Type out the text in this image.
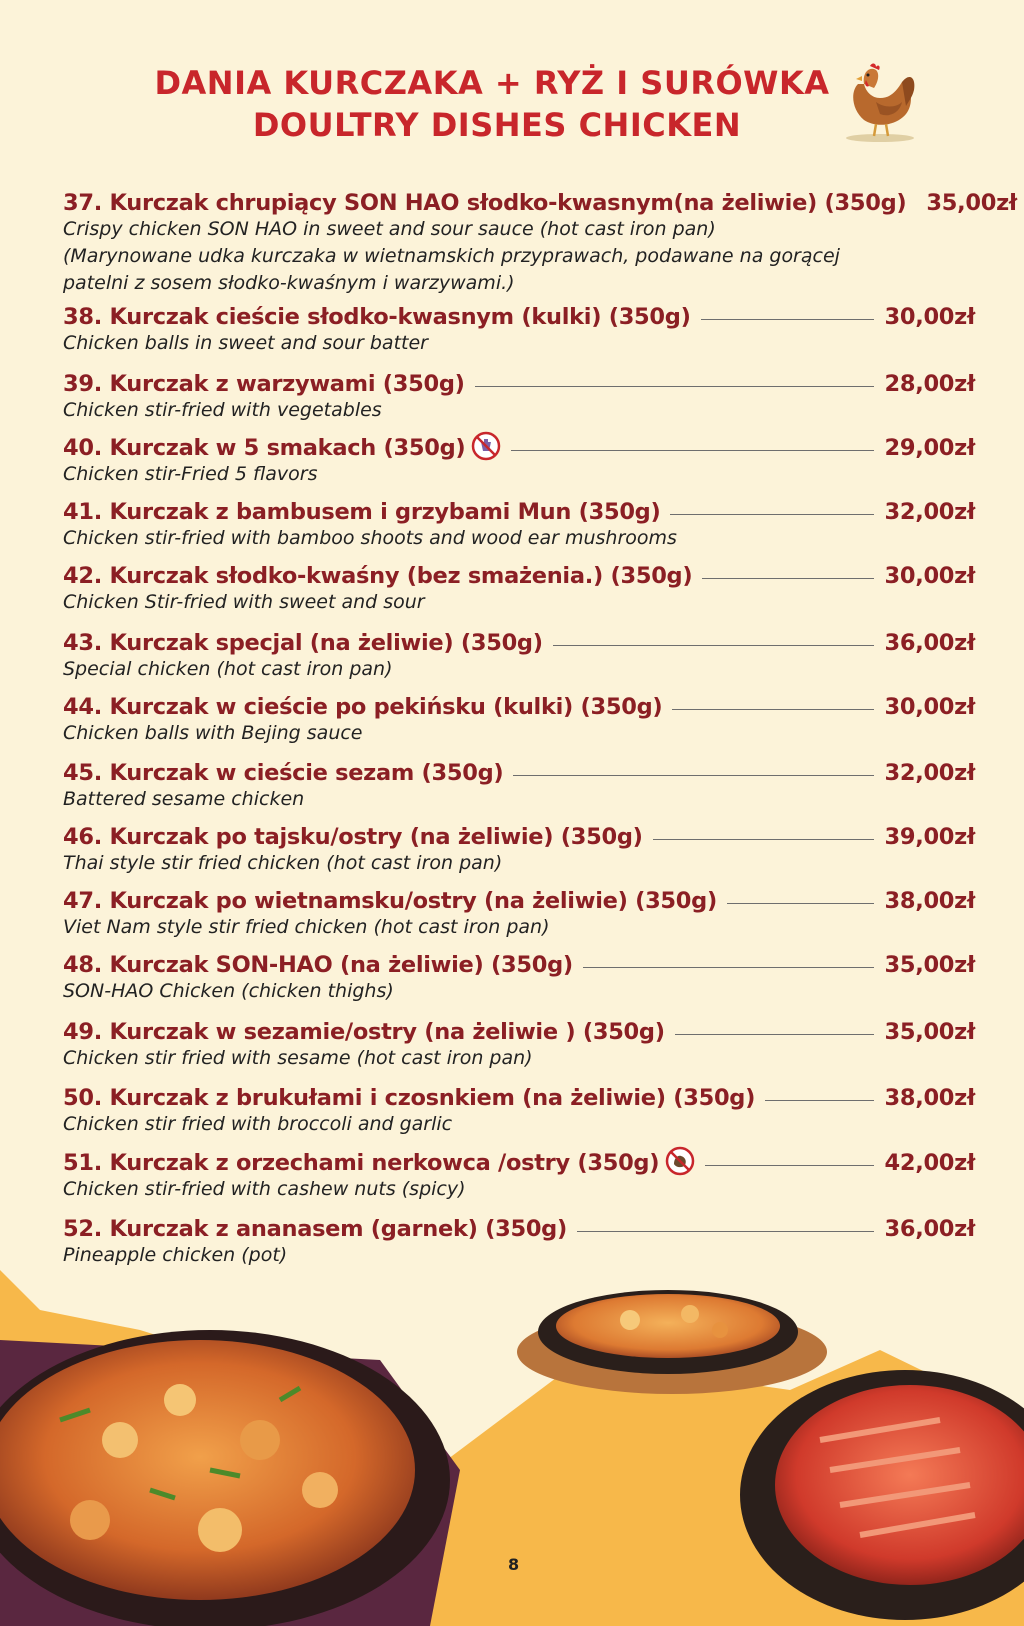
DANIA KURCZAKA + RYŻ I SURÓWKA

DOULTRY DISHES CHICKEN

37. Kurczak chrupiący SON HAO słodko-kwasnym(na żeliwie) (350g) 35,00zł

Crispy chicken SON HAO in sweet and sour sauce (hot cast iron pan)

(Marynowane udka kurczaka w wietnamskich przyprawach, podawane na gorącej

patelni z sosem słodko-kwaśnym i warzywami.)

38. Kurczak cieście słodko-kwasnym (kulki) (350g)	30,00zł

Chicken balls in sweet and sour batter

39. Kurczak z warzywami (350g)	28,00zł

Chicken stir-fried with vegetables

40. Kurczak w 5 smakach (350g)	29,00zł

Chicken stir-Fried 5 flavors

41. Kurczak z bambusem i grzybami Mun (350g)	32,00zł

Chicken stir-fried with bamboo shoots and wood ear mushrooms

42. Kurczak słodko-kwaśny (bez smażenia.) (350g)	30,00zł

Chicken Stir-fried with sweet and sour

43. Kurczak specjal (na żeliwie) (350g)	36,00zł

Special chicken (hot cast iron pan)

44. Kurczak w cieście po pekińsku (kulki) (350g)	30,00zł

Chicken balls with Bejing sauce

45. Kurczak w cieście sezam (350g)	32,00zł

Battered sesame chicken

46. Kurczak po tajsku/ostry (na żeliwie) (350g)	39,00zł

Thai style stir fried chicken (hot cast iron pan)

47. Kurczak po wietnamsku/ostry (na żeliwie) (350g)	38,00zł

Viet Nam style stir fried chicken (hot cast iron pan)

48. Kurczak SON-HAO (na żeliwie) (350g)	35,00zł

SON-HAO Chicken (chicken thighs)

49. Kurczak w sezamie/ostry (na żeliwie ) (350g)	35,00zł

Chicken stir fried with sesame (hot cast iron pan)

50. Kurczak z brukułami i czosnkiem (na żeliwie) (350g)	38,00zł

Chicken stir fried with broccoli and garlic

51. Kurczak z orzechami nerkowca /ostry (350g)	42,00zł

Chicken stir-fried with cashew nuts (spicy)

52. Kurczak z ananasem (garnek) (350g)	36,00zł

Pineapple chicken (pot)

8
